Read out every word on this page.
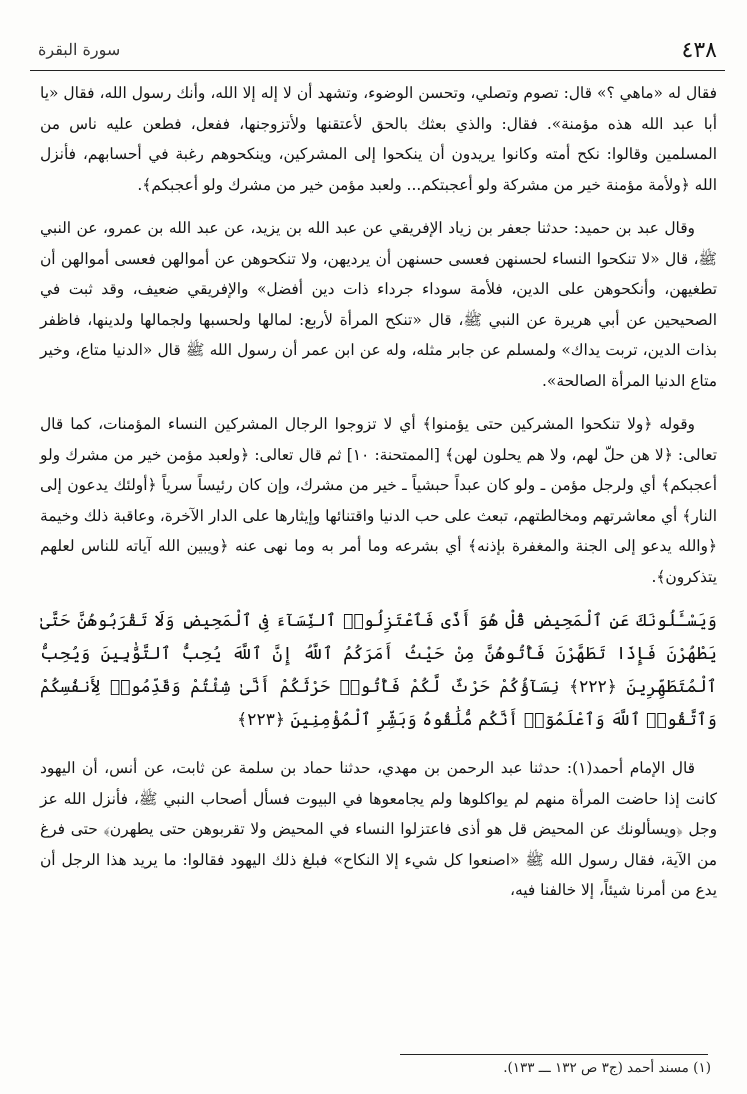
٤٣٨
سورة البقرة

فقال له «ماهي ؟» قال: تصوم وتصلي، وتحسن الوضوء، وتشهد أن لا إله إلا الله، وأنك رسول الله، فقال «يا أبا عبد الله هذه مؤمنة». فقال: والذي بعثك بالحق لأعتقنها ولأتزوجنها، ففعل، فطعن عليه ناس من المسلمين وقالوا: نكح أمته وكانوا يريدون أن ينكحوا إلى المشركين، وينكحوهم رغبة في أحسابهم، فأنزل الله ﴿ولأمة مؤمنة خير من مشركة ولو أعجبتكم... ولعبد مؤمن خير من مشرك ولو أعجبكم﴾.

وقال عبد بن حميد: حدثنا جعفر بن زياد الإفريقي عن عبد الله بن يزيد، عن عبد الله بن عمرو، عن النبي ﷺ، قال «لا تنكحوا النساء لحسنهن فعسى حسنهن أن يرديهن، ولا تنكحوهن عن أموالهن فعسى أموالهن أن تطغيهن، وأنكحوهن على الدين، فلأمة سوداء جرداء ذات دين أفضل» والإفريقي ضعيف، وقد ثبت في الصحيحين عن أبي هريرة عن النبي ﷺ، قال «تنكح المرأة لأربع: لمالها ولحسبها ولجمالها ولدينها، فاظفر بذات الدين، تربت يداك» ولمسلم عن جابر مثله، وله عن ابن عمر أن رسول الله ﷺ قال «الدنيا متاع، وخير متاع الدنيا المرأة الصالحة».

وقوله ﴿ولا تنكحوا المشركين حتى يؤمنوا﴾ أي لا تزوجوا الرجال المشركين النساء المؤمنات، كما قال تعالى: ﴿لا هن حلّ لهم، ولا هم يحلون لهن﴾ [الممتحنة: ١٠] ثم قال تعالى: ﴿ولعبد مؤمن خير من مشرك ولو أعجبكم﴾ أي ولرجل مؤمن ـ ولو كان عبداً حبشياً ـ خير من مشرك، وإن كان رئيساً سرياً ﴿أولئك يدعون إلى النار﴾ أي معاشرتهم ومخالطتهم، تبعث على حب الدنيا واقتنائها وإيثارها على الدار الآخرة، وعاقبة ذلك وخيمة ﴿والله يدعو إلى الجنة والمغفرة بإذنه﴾ أي بشرعه وما أمر به وما نهى عنه ﴿ويبين الله آياته للناس لعلهم يتذكرون﴾.

وَيَسْـَٔلُونَكَ عَنِ ٱلْمَحِيضِ قُلْ هُوَ أَذًى فَٱعْتَزِلُوا۟ ٱلنِّسَآءَ فِى ٱلْمَحِيضِ وَلَا تَقْرَبُوهُنَّ حَتَّىٰ يَطْهُرْنَ فَإِذَا تَطَهَّرْنَ فَأْتُوهُنَّ مِنْ حَيْثُ أَمَرَكُمُ ٱللَّهُ إِنَّ ٱللَّهَ يُحِبُّ ٱلتَّوَّٰبِينَ وَيُحِبُّ ٱلْمُتَطَهِّرِينَ ﴿٢٢٢﴾ نِسَآؤُكُمْ حَرْثٌ لَّكُمْ فَأْتُوا۟ حَرْثَكُمْ أَنَّىٰ شِئْتُمْ وَقَدِّمُوا۟ لِأَنفُسِكُمْ وَٱتَّقُوا۟ ٱللَّهَ وَٱعْلَمُوٓا۟ أَنَّكُم مُّلَٰقُوهُ وَبَشِّرِ ٱلْمُؤْمِنِينَ ﴿٢٢٣﴾

قال الإمام أحمد(١): حدثنا عبد الرحمن بن مهدي، حدثنا حماد بن سلمة عن ثابت، عن أنس، أن اليهود كانت إذا حاضت المرأة منهم لم يواكلوها ولم يجامعوها في البيوت فسأل أصحاب النبي ﷺ، فأنزل الله عز وجل ﴿ويسألونك عن المحيض قل هو أذى فاعتزلوا النساء في المحيض ولا تقربوهن حتى يطهرن﴾ حتى فرغ من الآية، فقال رسول الله ﷺ «اصنعوا كل شيء إلا النكاح» فبلغ ذلك اليهود فقالوا: ما يريد هذا الرجل أن يدع من أمرنا شيئاً، إلا خالفنا فيه،

(١) مسند أحمد (ج٣ ص ١٣٢ ـــ ١٣٣).
